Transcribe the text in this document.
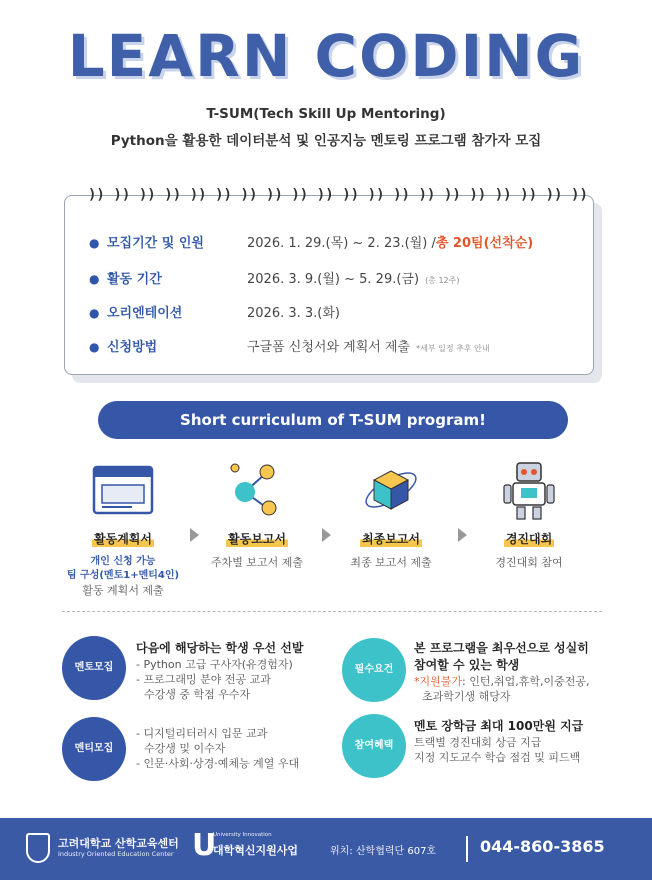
LEARN CODING
T-SUM(Tech Skill Up Mentoring)
Python을 활용한 데이터분석 및 인공지능 멘토링 프로그램 참가자 모집
)) )) )) )) )) )) )) )) )) )) )) )) )) )) )) )) )) )) )) ))
● 모집기간 및 인원	2026. 1. 29.(목) ~ 2. 23.(월) / 총 20팀(선착순)
● 활동 기간	2026. 3. 9.(월) ~ 5. 29.(금) (총 12주)
● 오리엔테이션	2026. 3. 3.(화)
● 신청방법	구글폼 신청서와 계획서 제출 *세부 일정 추후 안내
Short curriculum of T-SUM program!
활동계획서
개인 신청 가능
팀 구성(멘토1+멘티4인)
활동 계획서 제출
활동보고서
주차별 보고서 제출
최종보고서
최종 보고서 제출
경진대회
경진대회 참여
멘토모집
다음에 해당하는 학생 우선 선발
- Python 고급 구사자(유경험자)
- 프로그래밍 분야 전공 교과
수강생 중 학점 우수자
멘티모집
- 디지털리터러시 입문 교과
수강생 및 이수자
- 인문·사회·상경·예체능 계열 우대
필수요건
본 프로그램을 최우선으로 성실히
참여할 수 있는 학생
*지원불가: 인턴,취업,휴학,이중전공,
초과학기생 해당자
참여혜택
멘토 장학금 최대 100만원 지급
트랙별 경진대회 상금 지급
지정 지도교수 학습 점검 및 피드백
고려대학교 산학교육센터
Industry Oriented Education Center U
University Innovation
대학혁신지원사업	위치: 산학협력단 607호	044-860-3865
